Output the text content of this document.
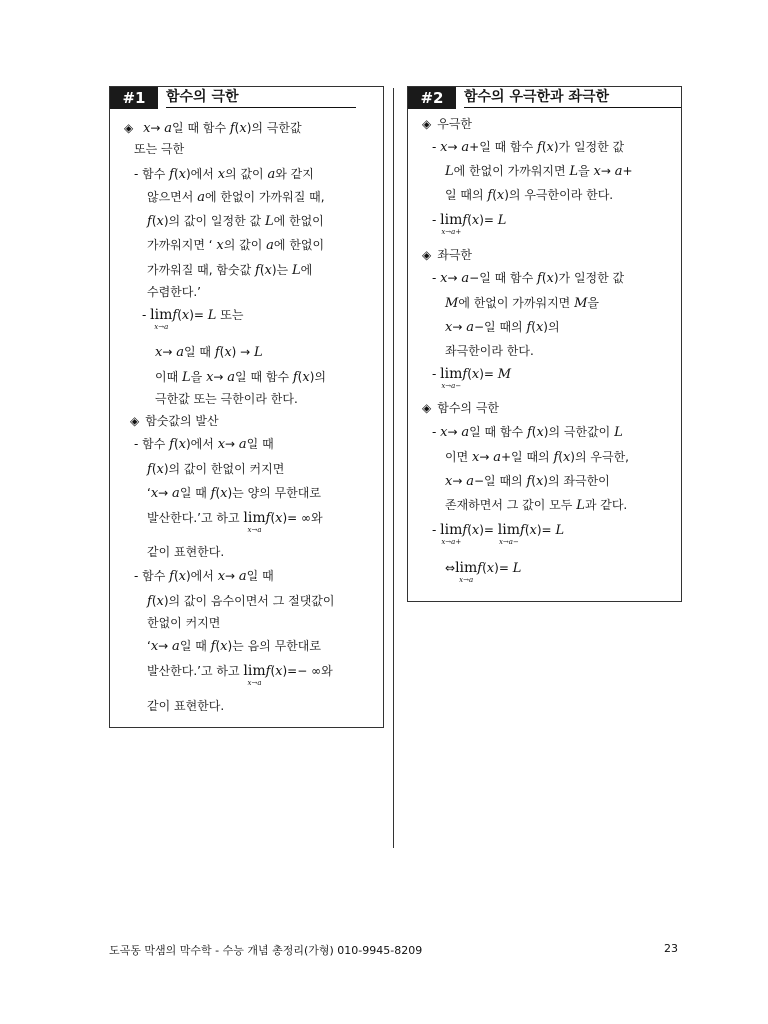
#1	함수의 극한
◈ x→ a일 때 함수 f(x)의 극한값
또는 극한
- 함수 f(x)에서 x의 값이 a와 같지
않으면서 a에 한없이 가까워질 때,
f(x)의 값이 일정한 값 L에 한없이
가까워지면 ‘ x의 값이 a에 한없이
가까워질 때, 함숫값 f(x)는 L에
수렴한다.’
- lim
x→a
f(x)= L 또는
x→ a일 때 f(x) → L
이때 L을 x→ a일 때 함수 f(x)의
극한값 또는 극한이라 한다.
◈ 함숫값의 발산
- 함수 f(x)에서 x→ a일 때
f(x)의 값이 한없이 커지면
‘x→ a일 때 f(x)는 양의 무한대로
발산한다.’고 하고 lim
x→a
f(x)= ∞와
같이 표현한다.
- 함수 f(x)에서 x→ a일 때
f(x)의 값이 음수이면서 그 절댓값이
한없이 커지면
‘x→ a일 때 f(x)는 음의 무한대로
발산한다.’고 하고 lim
x→a
f(x)=− ∞와
같이 표현한다.
#2	함수의 우극한과 좌극한
◈ 우극한
- x→ a+일 때 함수 f(x)가 일정한 값
L에 한없이 가까워지면 L을 x→ a+
일 때의 f(x)의 우극한이라 한다.
- lim
x→a+
f(x)= L
◈ 좌극한
- x→ a−일 때 함수 f(x)가 일정한 값
M에 한없이 가까워지면 M을
x→ a−일 때의 f(x)의
좌극한이라 한다.
- lim
x→a−
f(x)= M
◈ 함수의 극한
- x→ a일 때 함수 f(x)의 극한값이 L
이면 x→ a+일 때의 f(x)의 우극한,
x→ a−일 때의 f(x)의 좌극한이
존재하면서 그 값이 모두 L과 같다.
- lim
x→a+
f(x)= lim
x→a−
f(x)= L
⇔lim
x→a
f(x)= L
도곡동 막샘의 막수학 - 수능 개념 총정리(가형) 010-9945-8209	23
